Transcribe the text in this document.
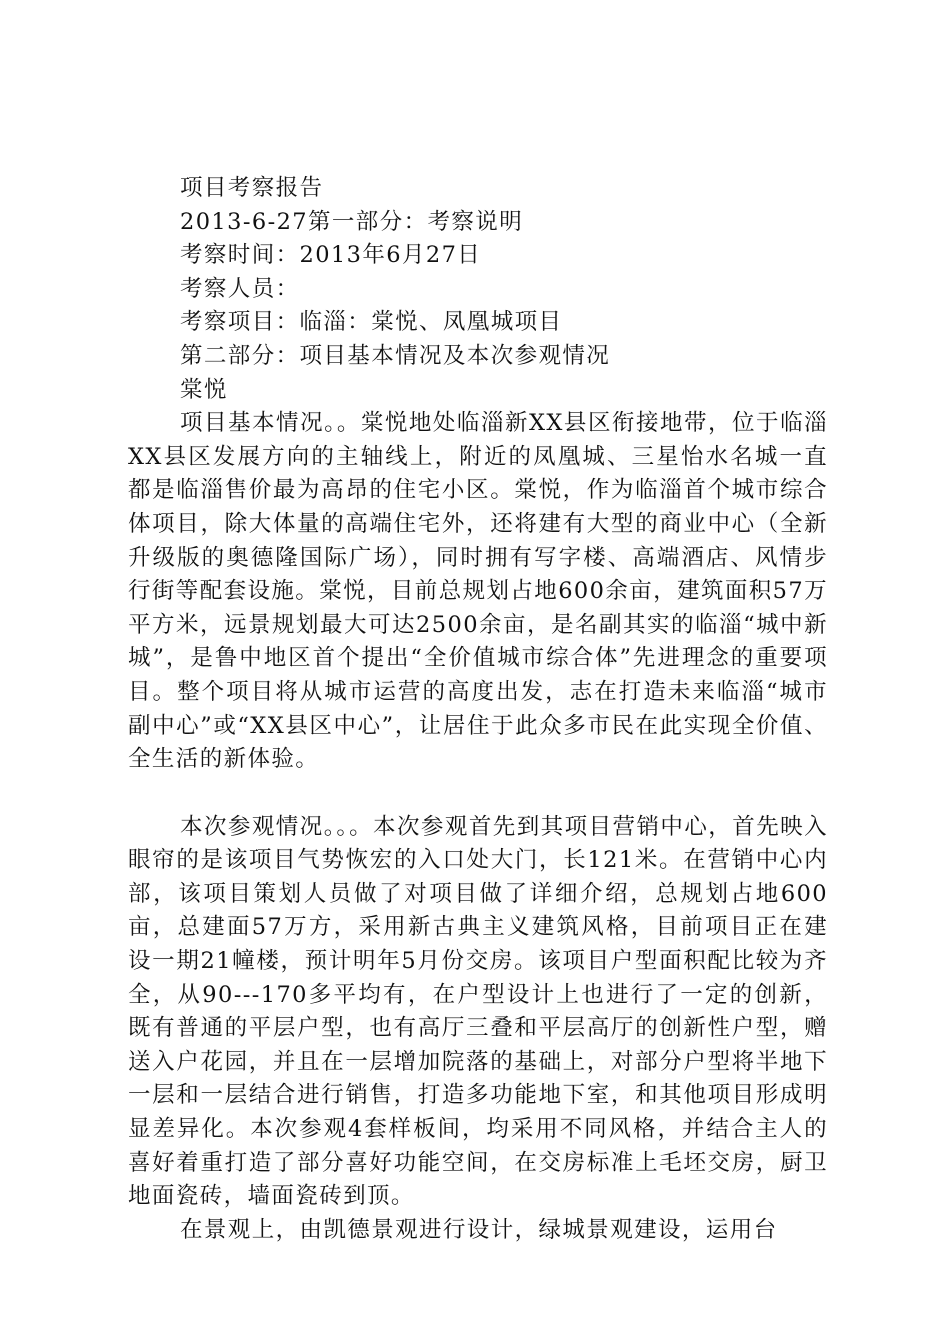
项目考察报告

2013-6-27第一部分：考察说明

考察时间：2013年6月27日

考察人员：

考察项目：临淄：棠悦、凤凰城项目

第二部分：项目基本情况及本次参观情况

棠悦

项目基本情况。。棠悦地处临淄新XX县区衔接地带，位于临淄XX县区发展方向的主轴线上，附近的凤凰城、三星怡水名城一直都是临淄售价最为高昂的住宅小区。棠悦，作为临淄首个城市综合体项目，除大体量的高端住宅外，还将建有大型的商业中心（全新升级版的奥德隆国际广场），同时拥有写字楼、高端酒店、风情步行街等配套设施。棠悦，目前总规划占地600余亩，建筑面积57万平方米，远景规划最大可达2500余亩，是名副其实的临淄“城中新城”，是鲁中地区首个提出“全价值城市综合体”先进理念的重要项目。整个项目将从城市运营的高度出发，志在打造未来临淄“城市副中心”或“XX县区中心”，让居住于此众多市民在此实现全价值、全生活的新体验。

本次参观情况。。。本次参观首先到其项目营销中心，首先映入眼帘的是该项目气势恢宏的入口处大门，长121米。在营销中心内部，该项目策划人员做了对项目做了详细介绍，总规划占地600亩，总建面57万方，采用新古典主义建筑风格，目前项目正在建设一期21幢楼，预计明年5月份交房。该项目户型面积配比较为齐全，从90---170多平均有，在户型设计上也进行了一定的创新，既有普通的平层户型，也有高厅三叠和平层高厅的创新性户型，赠送入户花园，并且在一层增加院落的基础上，对部分户型将半地下一层和一层结合进行销售，打造多功能地下室，和其他项目形成明显差异化。本次参观4套样板间，均采用不同风格，并结合主人的喜好着重打造了部分喜好功能空间，在交房标准上毛坯交房，厨卫地面瓷砖，墙面瓷砖到顶。

在景观上，由凯德景观进行设计，绿城景观建设，运用台
